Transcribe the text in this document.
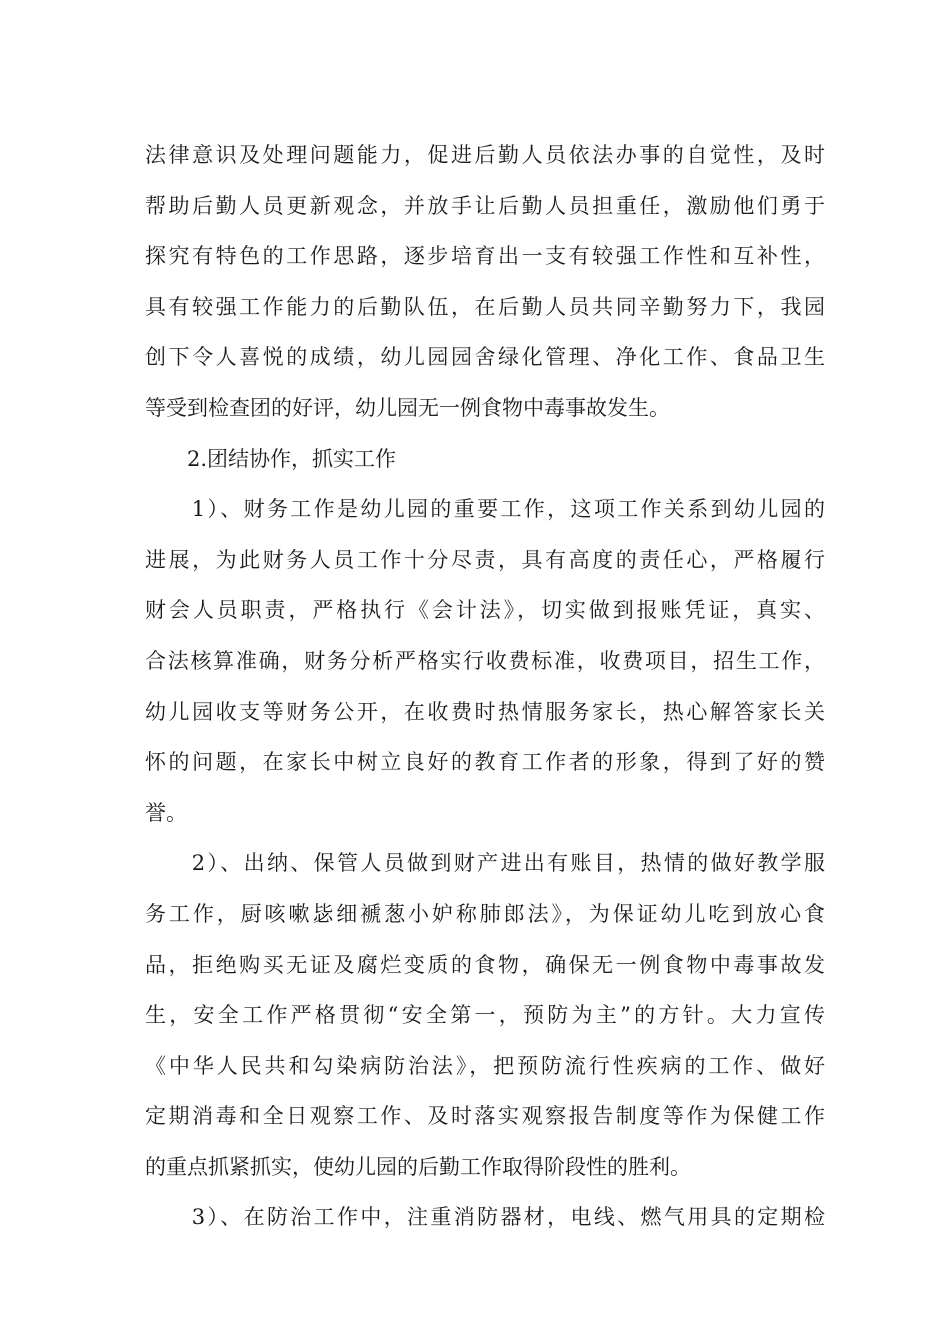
法律意识及处理问题能力，促进后勤人员依法办事的自觉性，及时
帮助后勤人员更新观念，并放手让后勤人员担重任，激励他们勇于
探究有特色的工作思路，逐步培育出一支有较强工作性和互补性，
具有较强工作能力的后勤队伍，在后勤人员共同辛勤努力下，我园
创下令人喜悦的成绩，幼儿园园舍绿化管理、净化工作、食品卫生
等受到检查团的好评，幼儿园无一例食物中毒事故发生。
　　2.团结协作，抓实工作
　　1）、财务工作是幼儿园的重要工作，这项工作关系到幼儿园的
进展，为此财务人员工作十分尽责，具有高度的责任心，严格履行
财会人员职责，严格执行《会计法》，切实做到报账凭证，真实、
合法核算准确，财务分析严格实行收费标准，收费项目，招生工作，
幼儿园收支等财务公开，在收费时热情服务家长，热心解答家长关
怀的问题，在家长中树立良好的教育工作者的形象，得到了好的赞
誉。
　　2）、出纳、保管人员做到财产进出有账目，热情的做好教学服
务工作，厨咳嗽毖细褫葱小妒称肺郎法》，为保证幼儿吃到放心食
品，拒绝购买无证及腐烂变质的食物，确保无一例食物中毒事故发
生，安全工作严格贯彻“安全第一，预防为主”的方针。大力宣传
《中华人民共和勾染病防治法》，把预防流行性疾病的工作、做好
定期消毒和全日观察工作、及时落实观察报告制度等作为保健工作
的重点抓紧抓实，使幼儿园的后勤工作取得阶段性的胜利。
　　3）、在防治工作中，注重消防器材，电线、燃气用具的定期检
